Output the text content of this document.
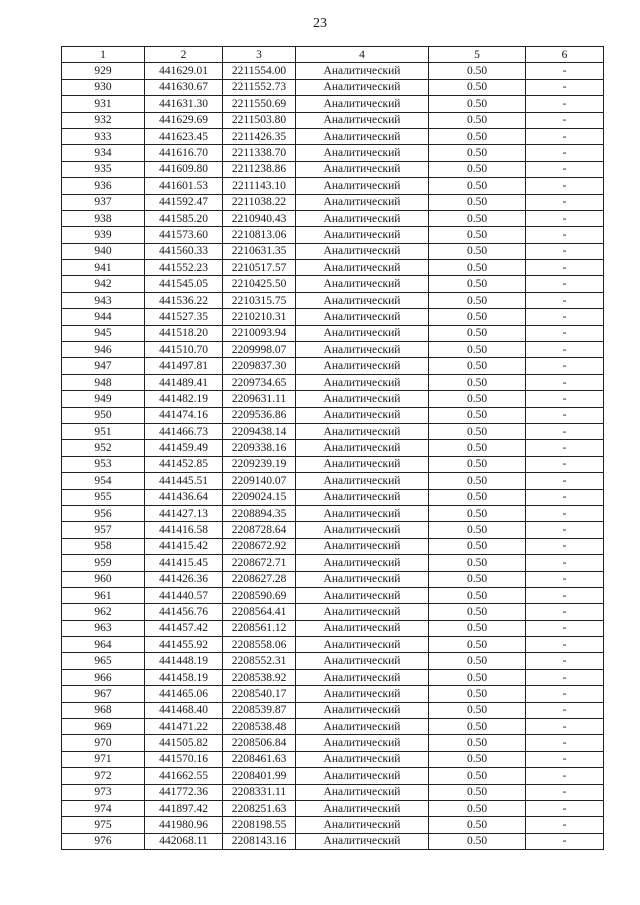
23
1	2	3	4	5	6
929	441629.01	2211554.00	Аналитический	0.50	-
930	441630.67	2211552.73	Аналитический	0.50	-
931	441631.30	2211550.69	Аналитический	0.50	-
932	441629.69	2211503.80	Аналитический	0.50	-
933	441623.45	2211426.35	Аналитический	0.50	-
934	441616.70	2211338.70	Аналитический	0.50	-
935	441609.80	2211238.86	Аналитический	0.50	-
936	441601.53	2211143.10	Аналитический	0.50	-
937	441592.47	2211038.22	Аналитический	0.50	-
938	441585.20	2210940.43	Аналитический	0.50	-
939	441573.60	2210813.06	Аналитический	0.50	-
940	441560.33	2210631.35	Аналитический	0.50	-
941	441552.23	2210517.57	Аналитический	0.50	-
942	441545.05	2210425.50	Аналитический	0.50	-
943	441536.22	2210315.75	Аналитический	0.50	-
944	441527.35	2210210.31	Аналитический	0.50	-
945	441518.20	2210093.94	Аналитический	0.50	-
946	441510.70	2209998.07	Аналитический	0.50	-
947	441497.81	2209837.30	Аналитический	0.50	-
948	441489.41	2209734.65	Аналитический	0.50	-
949	441482.19	2209631.11	Аналитический	0.50	-
950	441474.16	2209536.86	Аналитический	0.50	-
951	441466.73	2209438.14	Аналитический	0.50	-
952	441459.49	2209338.16	Аналитический	0.50	-
953	441452.85	2209239.19	Аналитический	0.50	-
954	441445.51	2209140.07	Аналитический	0.50	-
955	441436.64	2209024.15	Аналитический	0.50	-
956	441427.13	2208894.35	Аналитический	0.50	-
957	441416.58	2208728.64	Аналитический	0.50	-
958	441415.42	2208672.92	Аналитический	0.50	-
959	441415.45	2208672.71	Аналитический	0.50	-
960	441426.36	2208627.28	Аналитический	0.50	-
961	441440.57	2208590.69	Аналитический	0.50	-
962	441456.76	2208564.41	Аналитический	0.50	-
963	441457.42	2208561.12	Аналитический	0.50	-
964	441455.92	2208558.06	Аналитический	0.50	-
965	441448.19	2208552.31	Аналитический	0.50	-
966	441458.19	2208538.92	Аналитический	0.50	-
967	441465.06	2208540.17	Аналитический	0.50	-
968	441468.40	2208539.87	Аналитический	0.50	-
969	441471.22	2208538.48	Аналитический	0.50	-
970	441505.82	2208506.84	Аналитический	0.50	-
971	441570.16	2208461.63	Аналитический	0.50	-
972	441662.55	2208401.99	Аналитический	0.50	-
973	441772.36	2208331.11	Аналитический	0.50	-
974	441897.42	2208251.63	Аналитический	0.50	-
975	441980.96	2208198.55	Аналитический	0.50	-
976	442068.11	2208143.16	Аналитический	0.50	-
